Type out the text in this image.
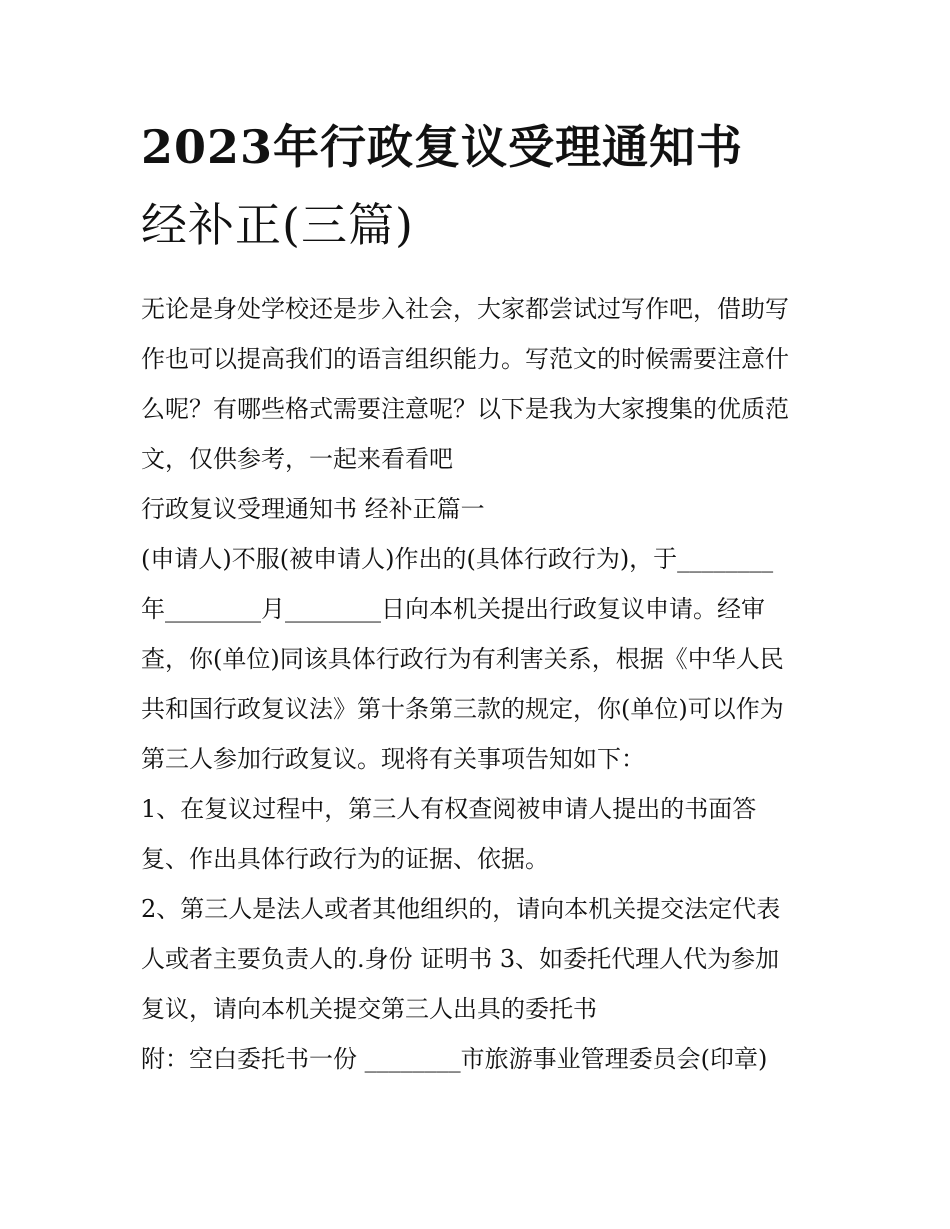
2023年行政复议受理通知书
经补正(三篇)
无论是身处学校还是步入社会，大家都尝试过写作吧，借助写
作也可以提高我们的语言组织能力。写范文的时候需要注意什
么呢？有哪些格式需要注意呢？以下是我为大家搜集的优质范
文，仅供参考，一起来看看吧
行政复议受理通知书 经补正篇一
(申请人)不服(被申请人)作出的(具体行政行为)，于________
年________月________日向本机关提出行政复议申请。经审
查，你(单位)同该具体行政行为有利害关系，根据《中华人民
共和国行政复议法》第十条第三款的规定，你(单位)可以作为
第三人参加行政复议。现将有关事项告知如下：
1、在复议过程中，第三人有权查阅被申请人提出的书面答
复、作出具体行政行为的证据、依据。
2、第三人是法人或者其他组织的，请向本机关提交法定代表
人或者主要负责人的.身份 证明书 3、如委托代理人代为参加
复议，请向本机关提交第三人出具的委托书
附：空白委托书一份 ________市旅游事业管理委员会(印章)
